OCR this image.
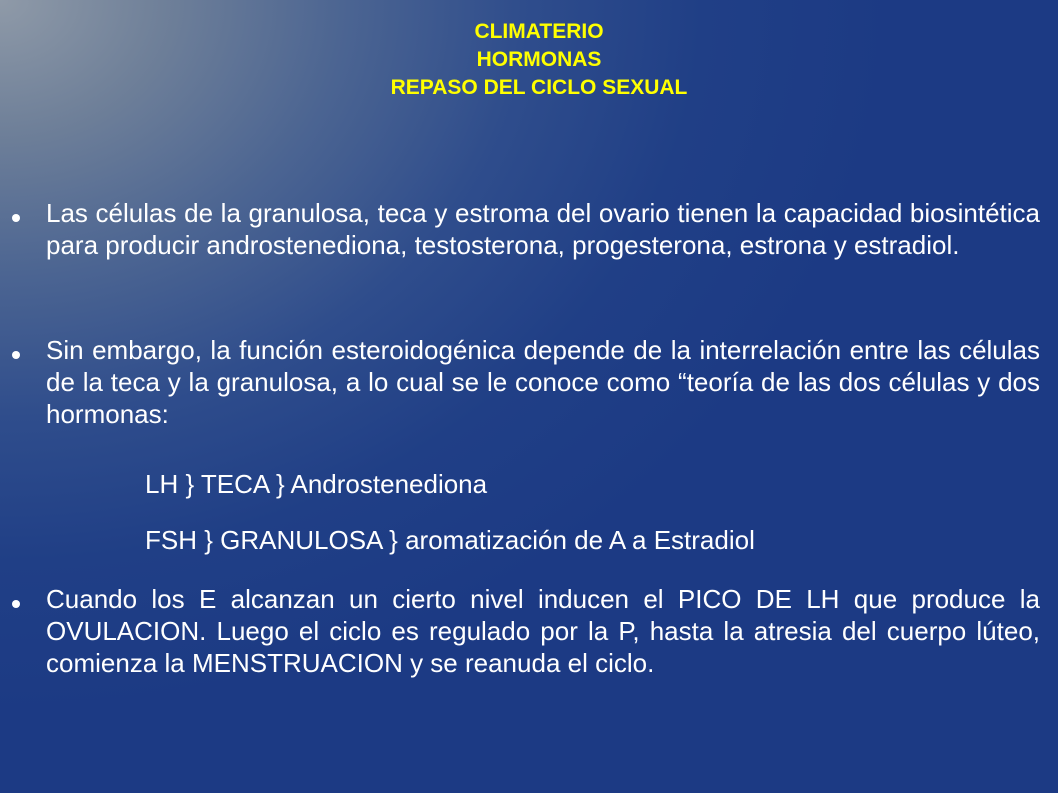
CLIMATERIO
HORMONAS
REPASO DEL CICLO SEXUAL
Las células de la granulosa, teca y estroma del ovario tienen la capacidad biosintética para producir androstenediona, testosterona, progesterona, estrona y estradiol.
Sin embargo, la función esteroidogénica depende de la interrelación entre las células de la teca y la granulosa, a lo cual se le conoce como “teoría de las dos células y dos hormonas:
LH } TECA } Androstenediona
FSH } GRANULOSA } aromatización de A a Estradiol
Cuando los E alcanzan un cierto nivel inducen el PICO DE LH que produce la OVULACION. Luego el ciclo es regulado por la P, hasta la atresia del cuerpo lúteo, comienza la MENSTRUACION y se reanuda el ciclo.
